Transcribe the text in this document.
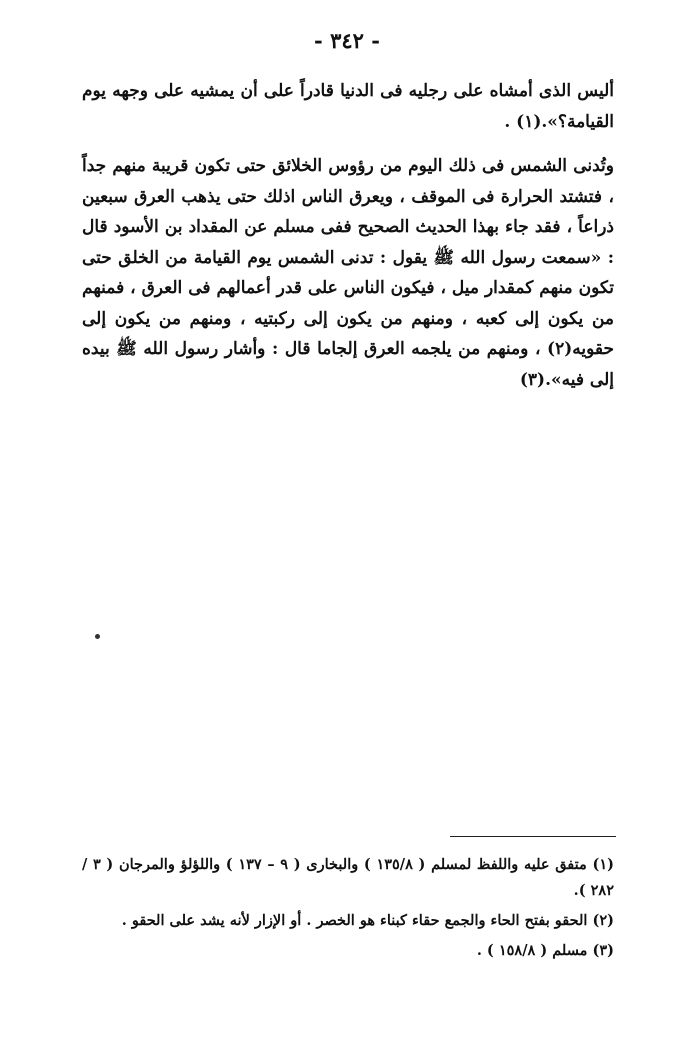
- ٣٤٢ -

ألیس الذی أمشاه علی رجلیه فی الدنیا قادراً علی أن یمشیه علی وجهه یوم القیامة؟».(١) .

وتُدنی الشمس فی ذلك الیوم من رؤوس الخلائق حتی تكون قریبة منهم جداً ، فتشتد الحرارة فی الموقف ، ویعرق الناس اذلك حتی یذهب العرق سبعین ذراعاً ، فقد جاء بهذا الحدیث الصحیح ففی مسلم عن المقداد بن الأسود قال : «سمعت رسول الله ﷺ یقول : تدنی الشمس یوم القیامة من الخلق حتی تكون منهم كمقدار میل ، فیكون الناس علی قدر أعمالهم فی العرق ، فمنهم من یكون إلی كعبه ، ومنهم من یكون إلی ركبتیه ، ومنهم من یكون إلی حقویه(٢) ، ومنهم من یلجمه العرق إلجاما قال : وأشار رسول الله ﷺ بیده إلی فیه».(٣)

(١) متفق علیه واللفظ لمسلم ( ١٣٥/٨ ) والبخاری ( ٩ – ١٣٧ ) واللؤلؤ والمرجان ( ٣ / ٢٨٢ ).

(٢) الحقو بفتح الحاء والجمع حقاء كبناء هو الخصر . أو الإزار لأنه یشد علی الحقو .

(٣) مسلم ( ١٥٨/٨ ) .
